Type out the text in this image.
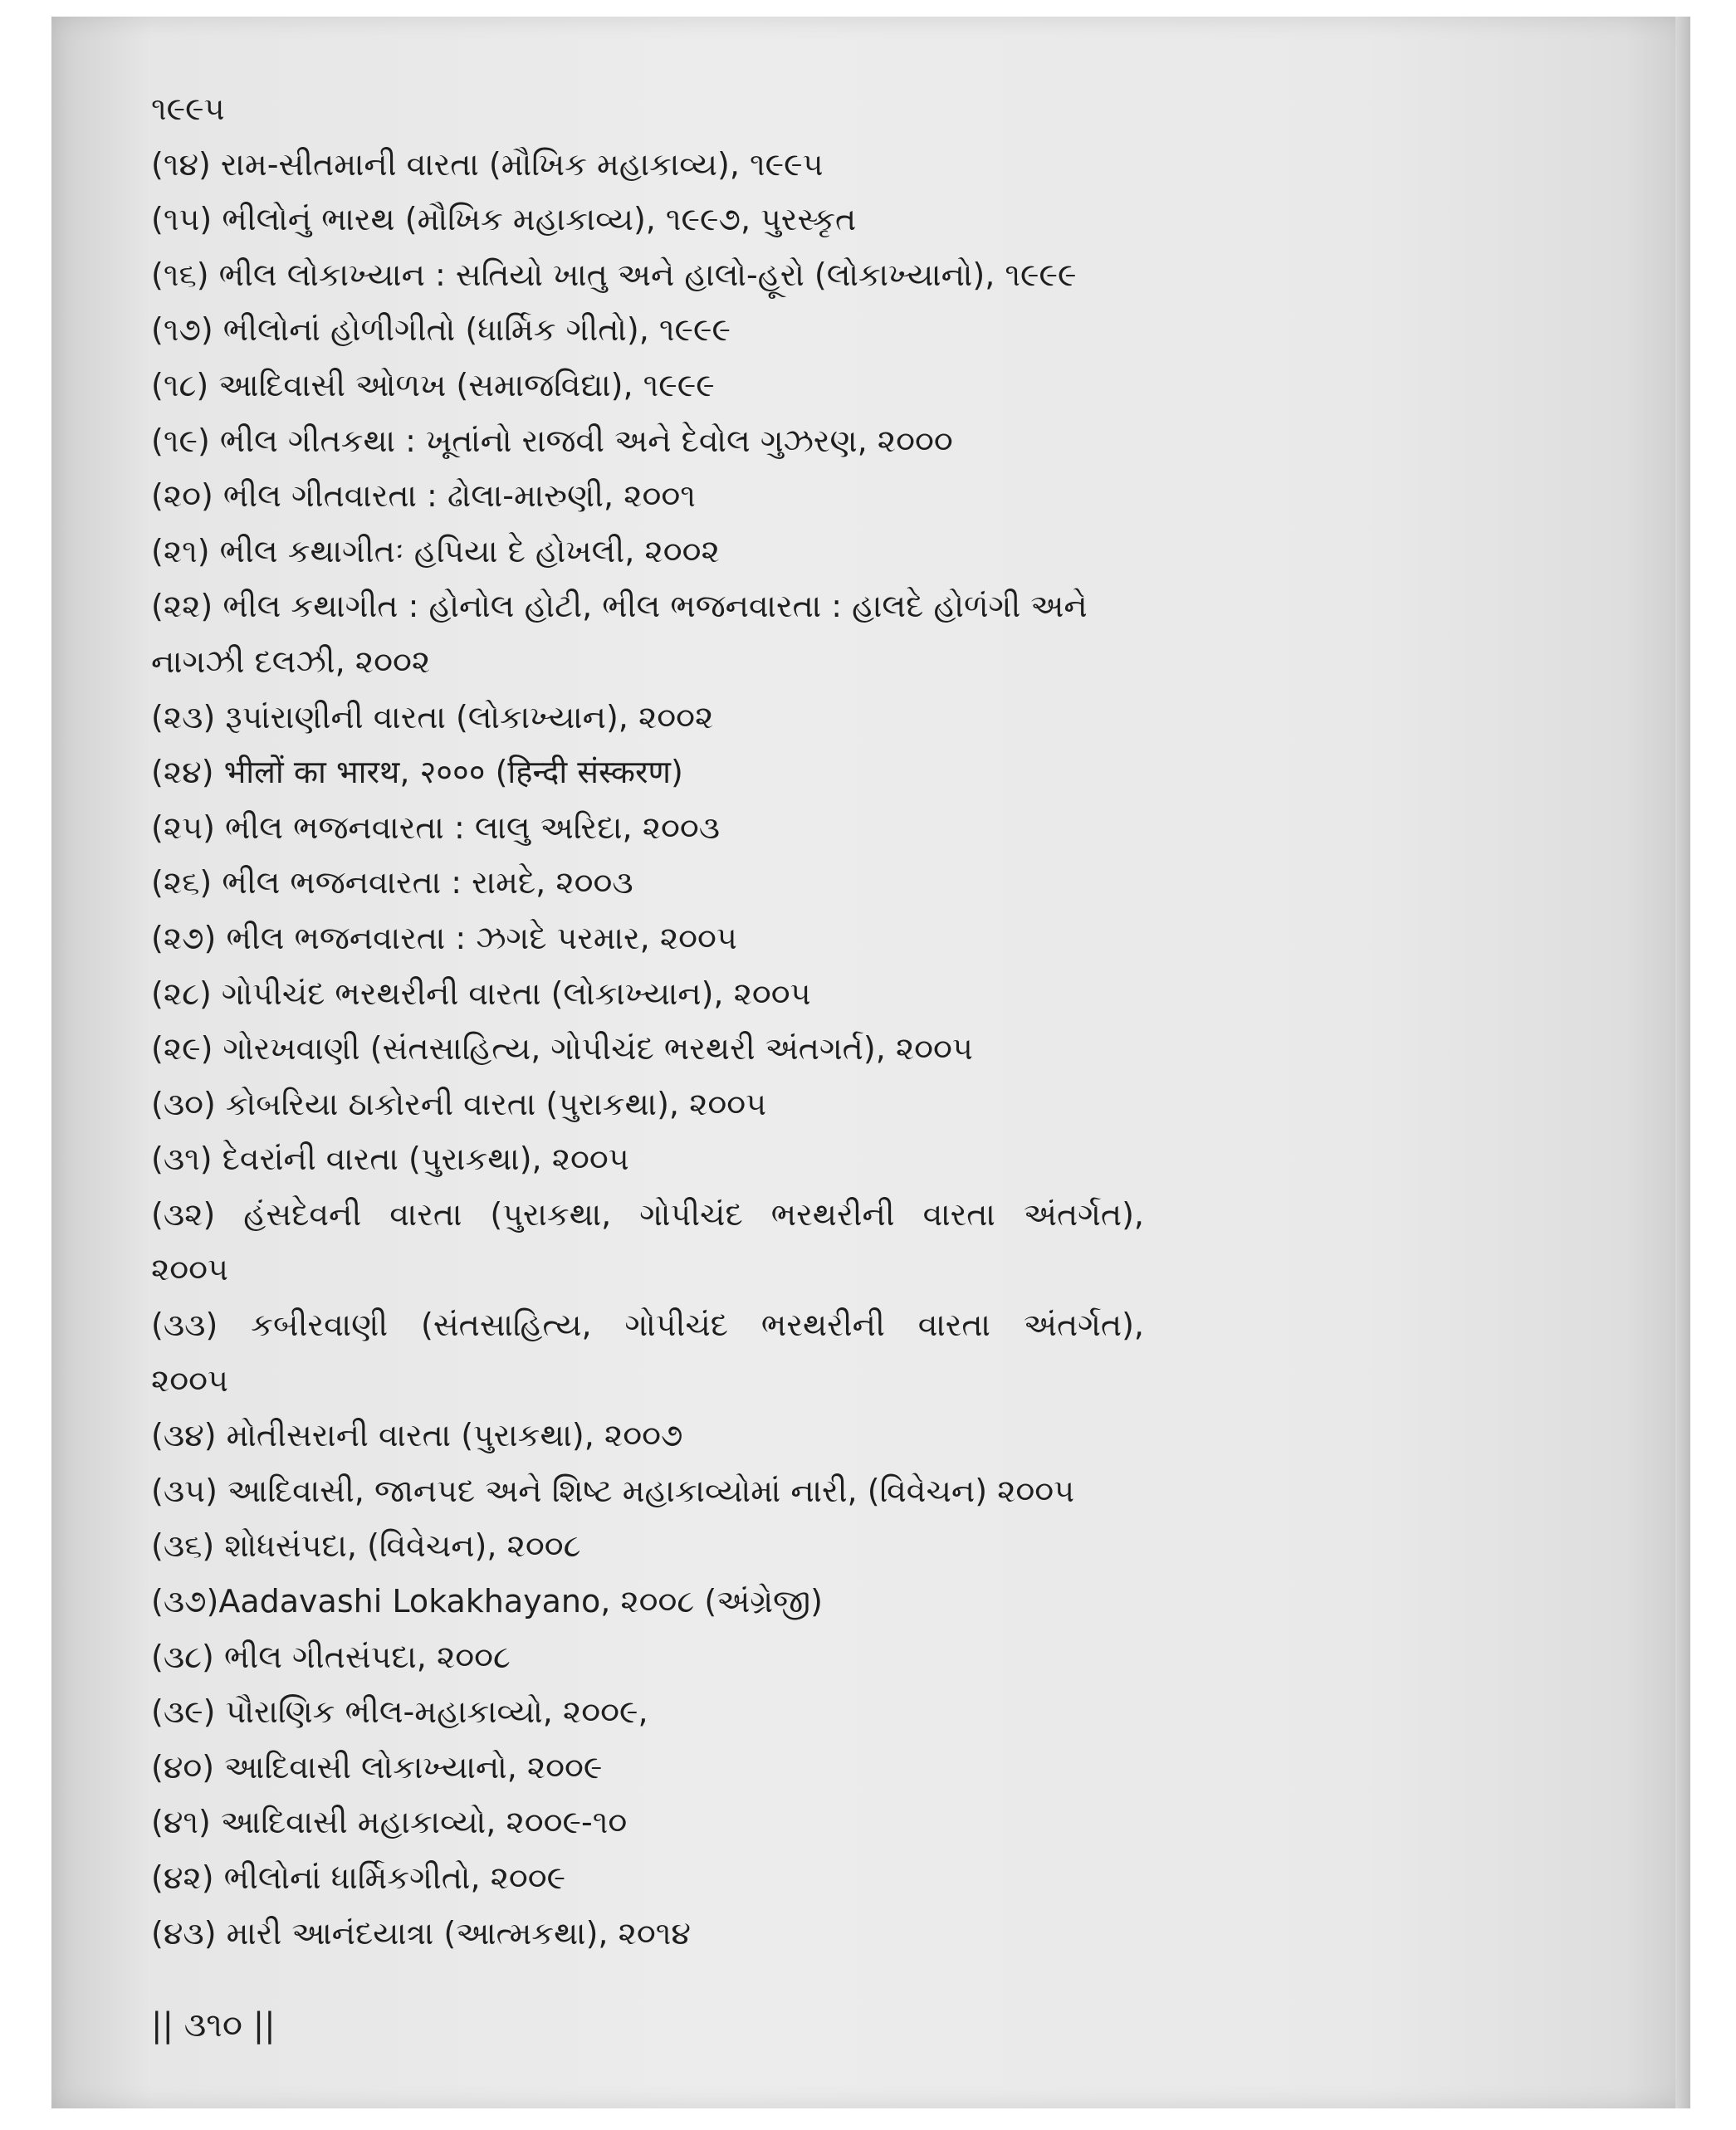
૧૯૯૫
(૧૪) રામ-સીતમાની વારતા (મૌખિક મહાકાવ્ય), ૧૯૯૫
(૧૫) ભીલોનું ભારથ (મૌખિક મહાકાવ્ય), ૧૯૯૭, પુરસ્કૃત
(૧૬) ભીલ લોકાખ્યાન : સતિયો ખાતુ અને હાલો-હૂરો (લોકાખ્યાનો), ૧૯૯૯
(૧૭) ભીલોનાં હોળીગીતો (ધાર્મિક ગીતો), ૧૯૯૯
(૧૮) આદિવાસી ઓળખ (સમાજવિદ્યા), ૧૯૯૯
(૧૯) ભીલ ગીતકથા : ખૂતાંનો રાજવી અને દેવોલ ગુઝરણ, ૨૦૦૦
(૨૦) ભીલ ગીતવારતા : ઢોલા-મારુણી, ૨૦૦૧
(૨૧) ભીલ કથાગીતઃ હપિયા દે હોખલી, ૨૦૦૨
(૨૨) ભીલ કથાગીત : હોનોલ હોટી, ભીલ ભજનવારતા : હાલદે હોળંગી અને
નાગઝી દલઝી, ૨૦૦૨
(૨૩) રૂપાંરાણીની વારતા (લોકાખ્યાન), ૨૦૦૨
(૨૪) भीलों का भारथ, २००० (हिन्दी संस्करण)
(૨૫) ભીલ ભજનવારતા : લાલુ અરિદા, ૨૦૦૩
(૨૬) ભીલ ભજનવારતા : રામદે, ૨૦૦૩
(૨૭) ભીલ ભજનવારતા : ઝગદે પરમાર, ૨૦૦૫
(૨૮) ગોપીચંદ ભરથરીની વારતા (લોકાખ્યાન), ૨૦૦૫
(૨૯) ગોરખવાણી (સંતસાહિત્ય, ગોપીચંદ ભરથરી અંતગર્ત), ૨૦૦૫
(૩૦) કોબરિયા ઠાકોરની વારતા (પુરાકથા), ૨૦૦૫
(૩૧) દેવરાંની વારતા (પુરાકથા), ૨૦૦૫
(૩૨) હંસદેવની વારતા (પુરાકથા, ગોપીચંદ ભરથરીની વારતા અંતર્ગત),
૨૦૦૫
(૩૩) કબીરવાણી (સંતસાહિત્ય, ગોપીચંદ ભરથરીની વારતા અંતર્ગત),
૨૦૦૫
(૩૪) મોતીસરાની વારતા (પુરાકથા), ૨૦૦૭
(૩૫) આદિવાસી, જાનપદ અને શિષ્ટ મહાકાવ્યોમાં નારી, (વિવેચન) ૨૦૦૫
(૩૬) શોધસંપદા, (વિવેચન), ૨૦૦૮
(૩૭)Aadavashi Lokakhayano, ૨૦૦૮ (અંગ્રેજી)
(૩૮) ભીલ ગીતસંપદા, ૨૦૦૮
(૩૯) પૌરાણિક ભીલ-મહાકાવ્યો, ૨૦૦૯,
(૪૦) આદિવાસી લોકાખ્યાનો, ૨૦૦૯
(૪૧) આદિવાસી મહાકાવ્યો, ૨૦૦૯-૧૦
(૪૨) ભીલોનાં ધાર્મિકગીતો, ૨૦૦૯
(૪૩) મારી આનંદયાત્રા (આત્મકથા), ૨૦૧૪
|| ૩૧૦ ||
